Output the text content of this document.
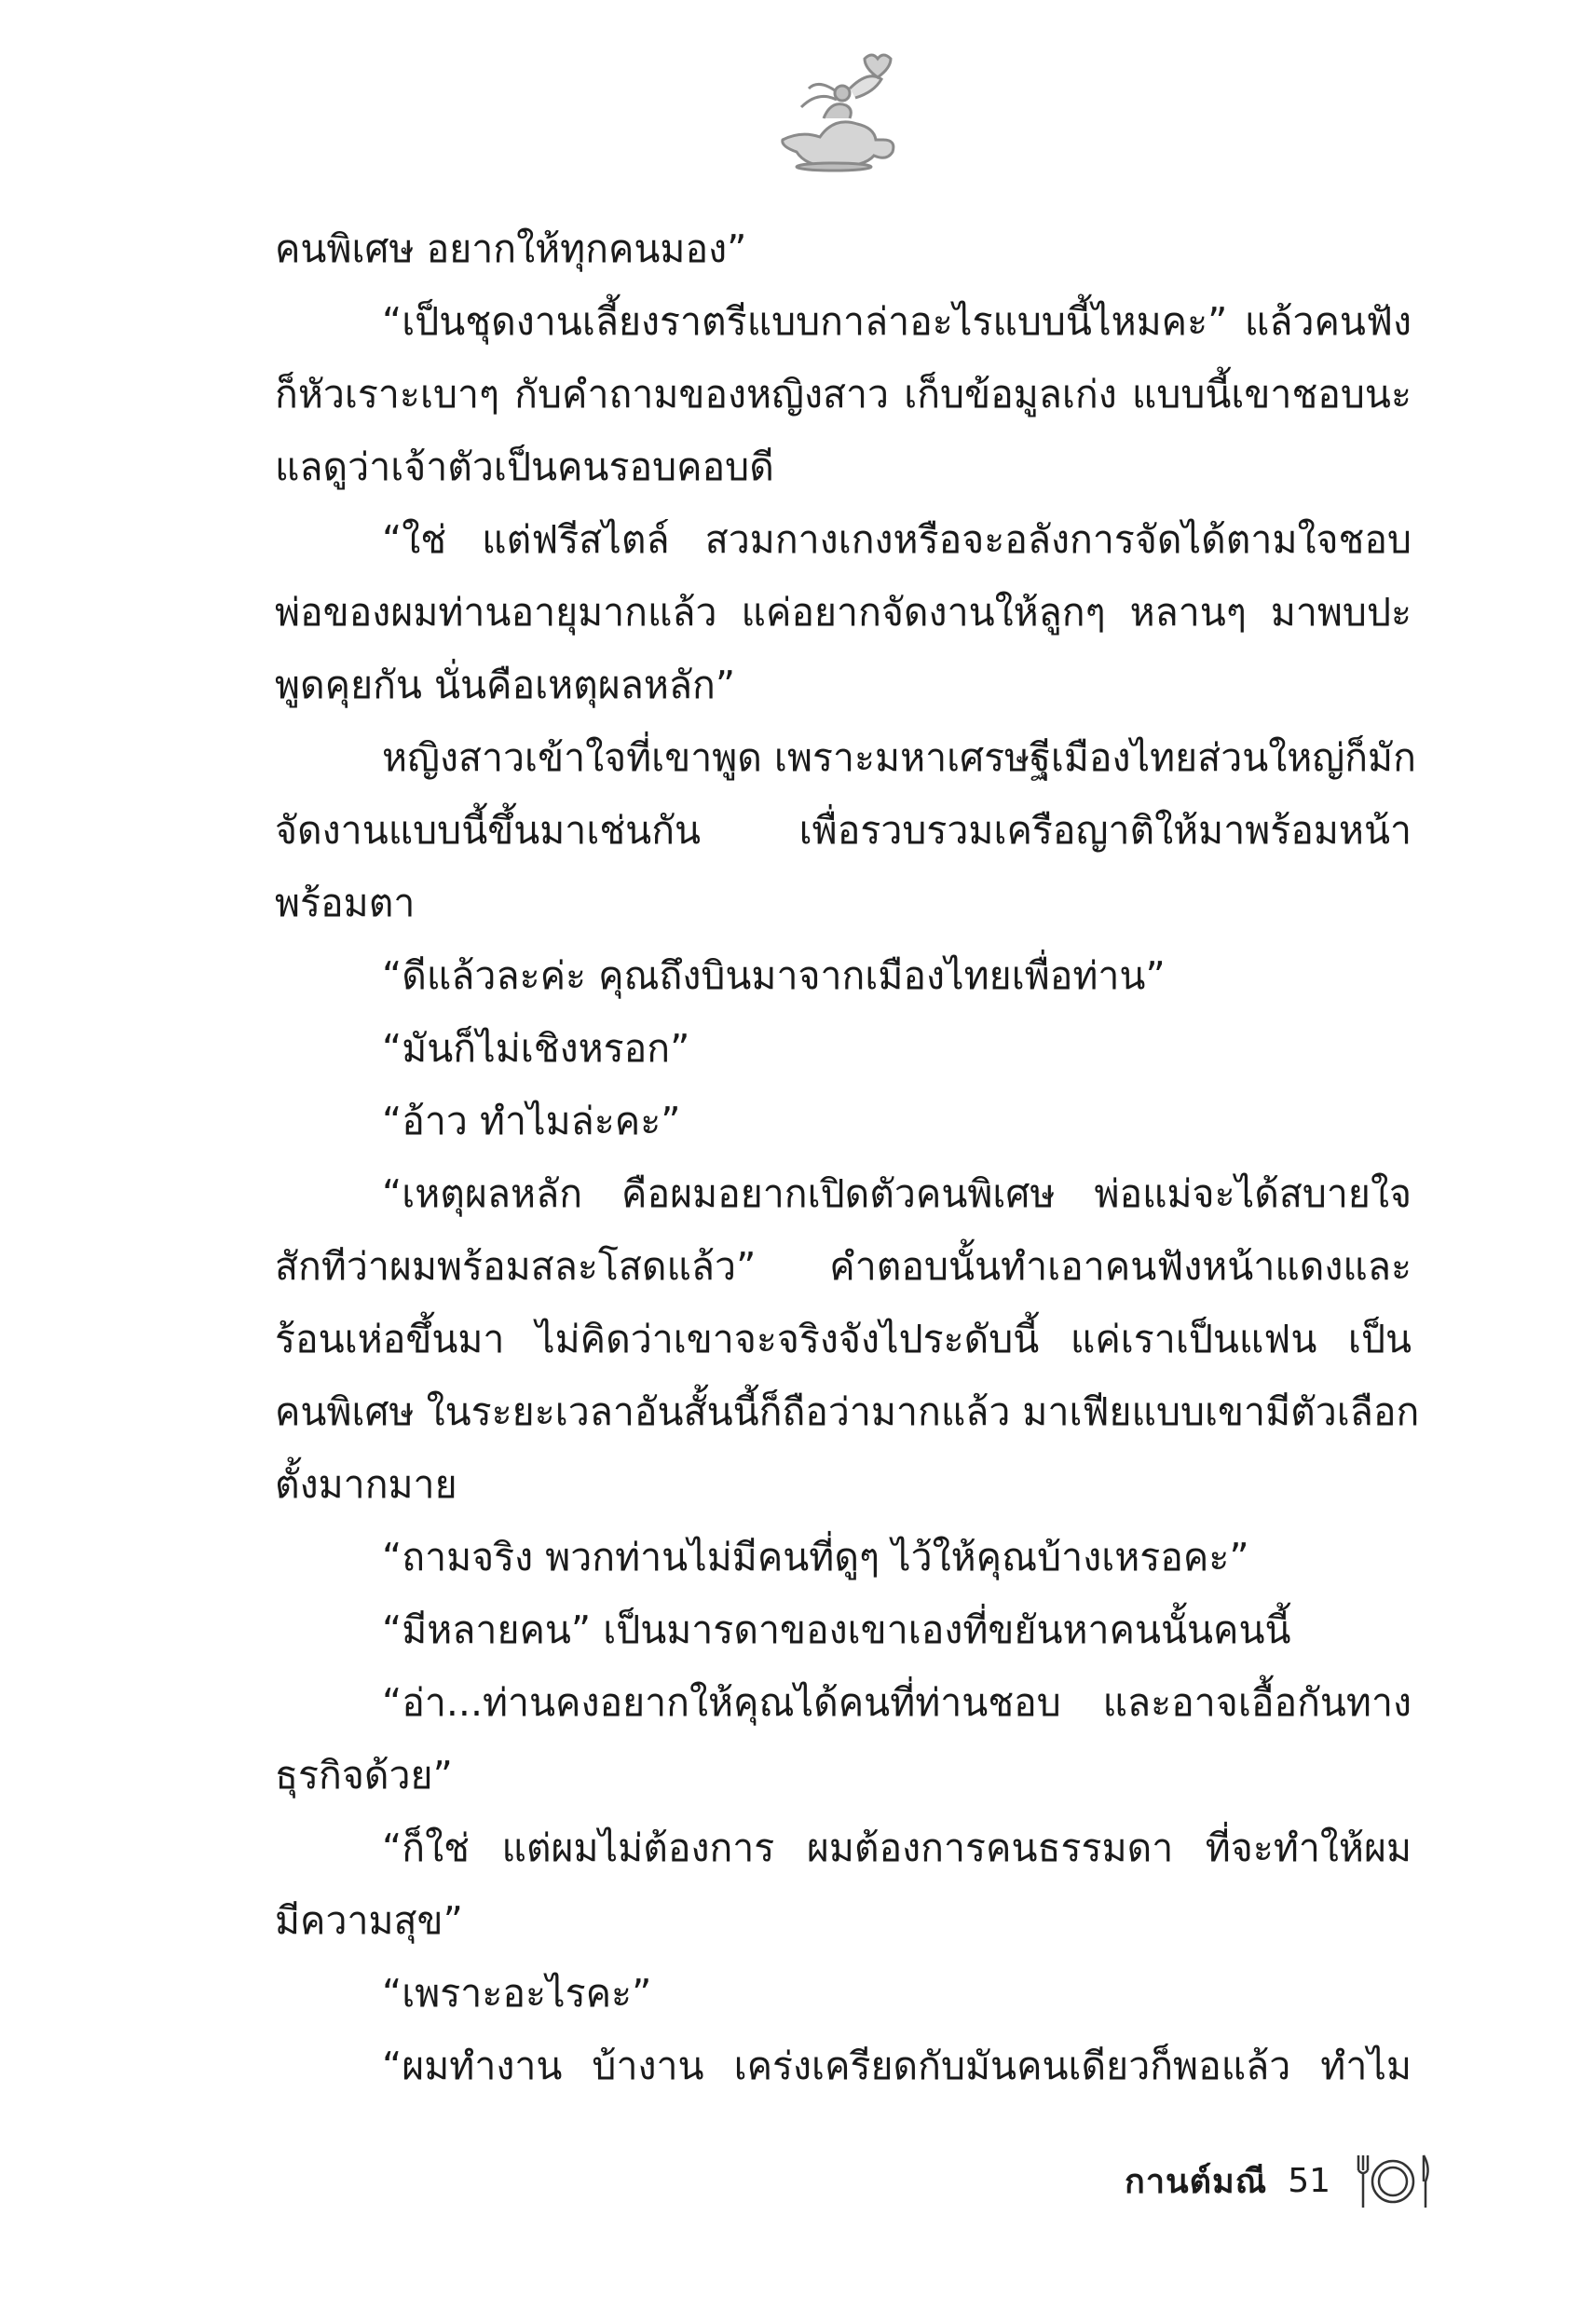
คนพิเศษ อยากให้ทุกคนมอง”
“เป็นชุดงานเลี้ยงราตรีแบบกาล่าอะไรแบบนี้ไหมคะ” แล้วคนฟัง
ก็หัวเราะเบาๆ กับคำถามของหญิงสาว เก็บข้อมูลเก่ง แบบนี้เขาชอบนะ
แลดูว่าเจ้าตัวเป็นคนรอบคอบดี
“ใช่ แต่ฟรีสไตล์ สวมกางเกงหรือจะอลังการจัดได้ตามใจชอบ
พ่อของผมท่านอายุมากแล้ว แค่อยากจัดงานให้ลูกๆ หลานๆ มาพบปะ
พูดคุยกัน นั่นคือเหตุผลหลัก”
หญิงสาวเข้าใจที่เขาพูด เพราะมหาเศรษฐีเมืองไทยส่วนใหญ่ก็มัก
จัดงานแบบนี้ขึ้นมาเช่นกัน เพื่อรวบรวมเครือญาติให้มาพร้อมหน้า
พร้อมตา
“ดีแล้วละค่ะ คุณถึงบินมาจากเมืองไทยเพื่อท่าน”
“มันก็ไม่เชิงหรอก”
“อ้าว ทำไมล่ะคะ”
“เหตุผลหลัก คือผมอยากเปิดตัวคนพิเศษ พ่อแม่จะได้สบายใจ
สักทีว่าผมพร้อมสละโสดแล้ว” คำตอบนั้นทำเอาคนฟังหน้าแดงและ
ร้อนเห่อขึ้นมา ไม่คิดว่าเขาจะจริงจังไประดับนี้ แค่เราเป็นแฟน เป็น
คนพิเศษ ในระยะเวลาอันสั้นนี้ก็ถือว่ามากแล้ว มาเฟียแบบเขามีตัวเลือก
ตั้งมากมาย
“ถามจริง พวกท่านไม่มีคนที่ดูๆ ไว้ให้คุณบ้างเหรอคะ”
“มีหลายคน” เป็นมารดาของเขาเองที่ขยันหาคนนั้นคนนี้
“อ่า...ท่านคงอยากให้คุณได้คนที่ท่านชอบ และอาจเอื้อกันทาง
ธุรกิจด้วย”
“ก็ใช่ แต่ผมไม่ต้องการ ผมต้องการคนธรรมดา ที่จะทำให้ผม
มีความสุข”
“เพราะอะไรคะ”
“ผมทำงาน บ้างาน เคร่งเครียดกับมันคนเดียวก็พอแล้ว ทำไม
กานต์มณี 51
